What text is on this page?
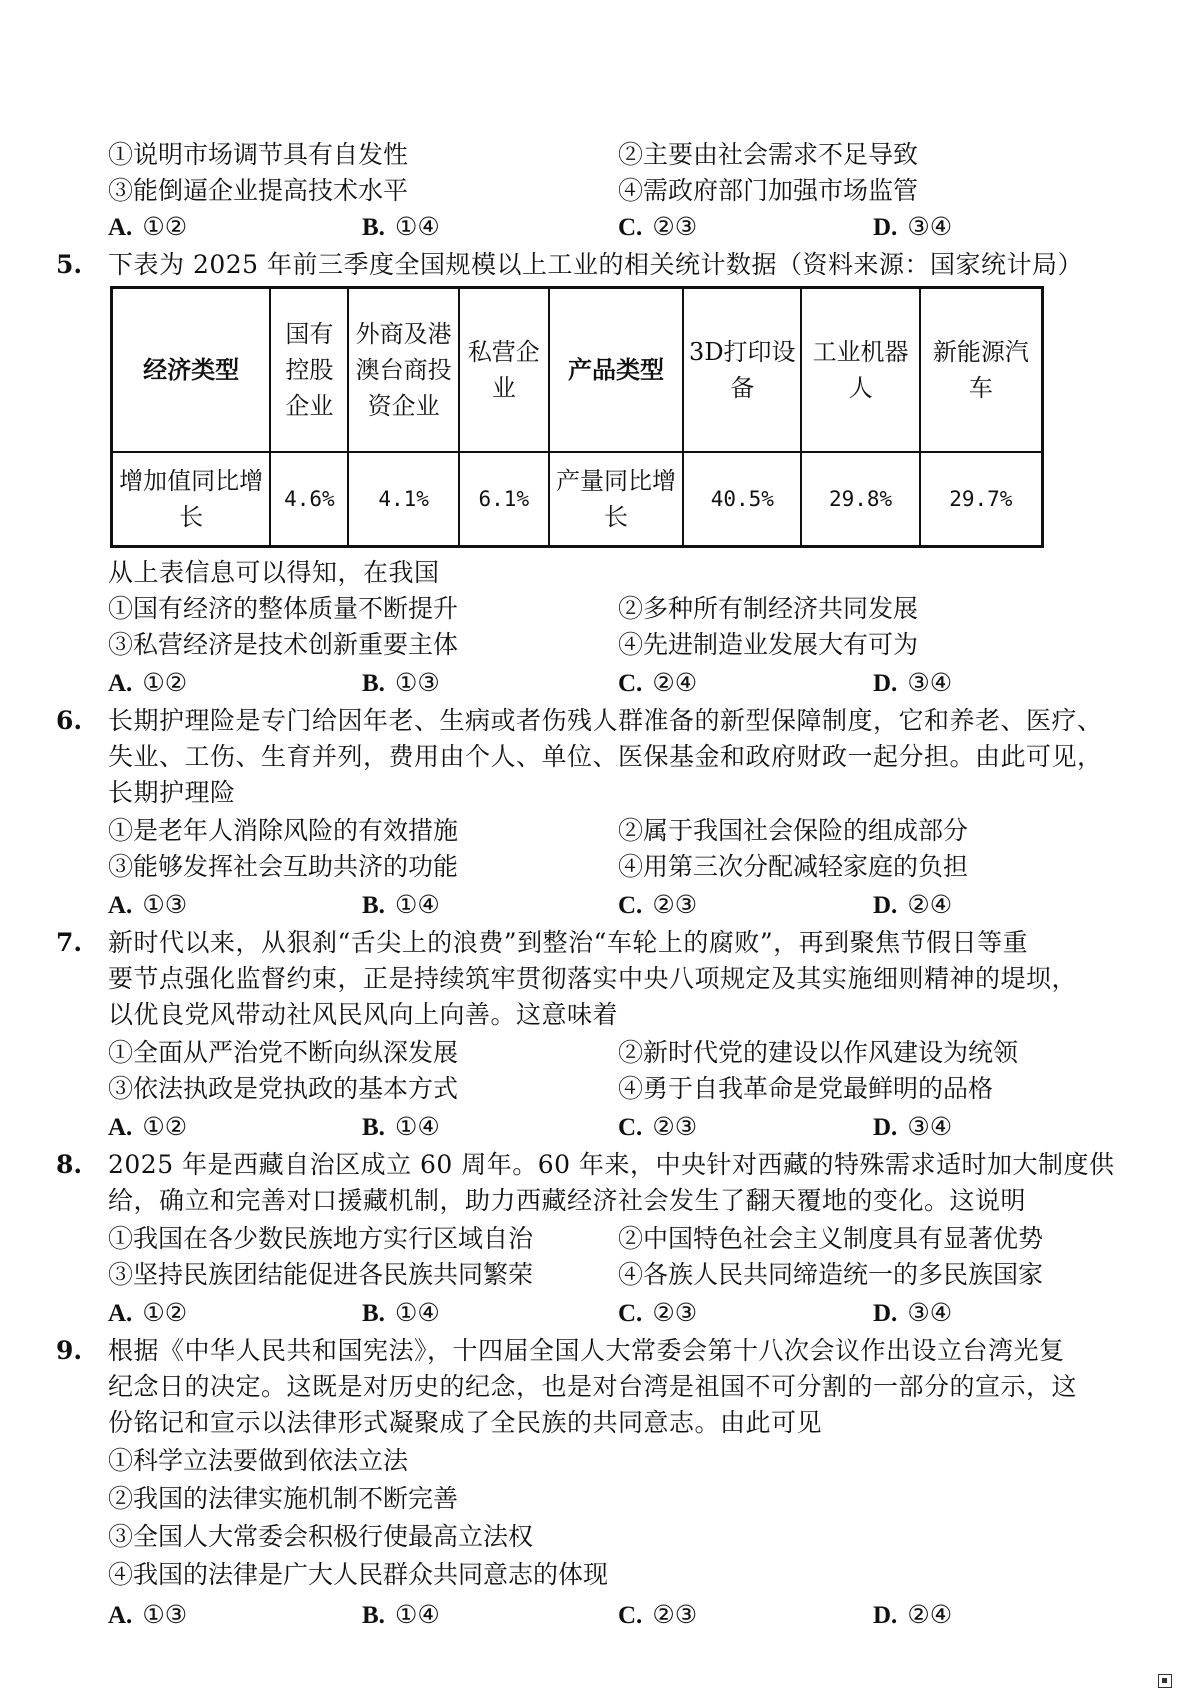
①说明市场调节具有自发性	②主要由社会需求不足导致
③能倒逼企业提高技术水平	④需政府部门加强市场监管
A. ①②	B. ①④	C. ②③	D. ③④
5. 下表为 2025 年前三季度全国规模以上工业的相关统计数据（资料来源：国家统计局）
经济类型	国有控股企业	外商及港澳台商投资企业	私营企业	产品类型	3D打印设备	工业机器人	新能源汽车
增加值同比增长	4.6%	4.1%	6.1%	产量同比增长	40.5%	29.8%	29.7%
从上表信息可以得知，在我国
①国有经济的整体质量不断提升	②多种所有制经济共同发展
③私营经济是技术创新重要主体	④先进制造业发展大有可为
A. ①②	B. ①③	C. ②④	D. ③④
6. 长期护理险是专门给因年老、生病或者伤残人群准备的新型保障制度，它和养老、医疗、
失业、工伤、生育并列，费用由个人、单位、医保基金和政府财政一起分担。由此可见，
长期护理险
①是老年人消除风险的有效措施	②属于我国社会保险的组成部分
③能够发挥社会互助共济的功能	④用第三次分配减轻家庭的负担
A. ①③	B. ①④	C. ②③	D. ②④
7. 新时代以来，从狠刹“舌尖上的浪费”到整治“车轮上的腐败”，再到聚焦节假日等重
要节点强化监督约束，正是持续筑牢贯彻落实中央八项规定及其实施细则精神的堤坝，
以优良党风带动社风民风向上向善。这意味着
①全面从严治党不断向纵深发展	②新时代党的建设以作风建设为统领
③依法执政是党执政的基本方式	④勇于自我革命是党最鲜明的品格
A. ①②	B. ①④	C. ②③	D. ③④
8. 2025 年是西藏自治区成立 60 周年。60 年来，中央针对西藏的特殊需求适时加大制度供
给，确立和完善对口援藏机制，助力西藏经济社会发生了翻天覆地的变化。这说明
①我国在各少数民族地方实行区域自治	②中国特色社会主义制度具有显著优势
③坚持民族团结能促进各民族共同繁荣	④各族人民共同缔造统一的多民族国家
A. ①②	B. ①④	C. ②③	D. ③④
9. 根据《中华人民共和国宪法》，十四届全国人大常委会第十八次会议作出设立台湾光复
纪念日的决定。这既是对历史的纪念，也是对台湾是祖国不可分割的一部分的宣示，这
份铭记和宣示以法律形式凝聚成了全民族的共同意志。由此可见
①科学立法要做到依法立法
②我国的法律实施机制不断完善
③全国人大常委会积极行使最高立法权
④我国的法律是广大人民群众共同意志的体现
A. ①③	B. ①④	C. ②③	D. ②④
